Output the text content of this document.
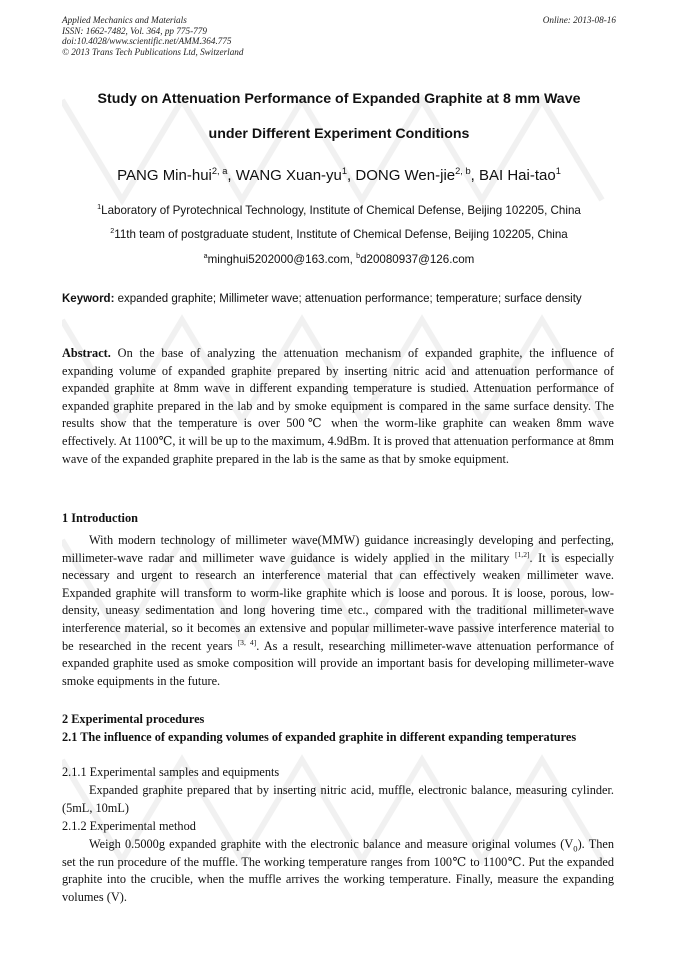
Applied Mechanics and Materials
ISSN: 1662-7482, Vol. 364, pp 775-779
doi:10.4028/www.scientific.net/AMM.364.775
© 2013 Trans Tech Publications Ltd, Switzerland
Online: 2013-08-16
Study on Attenuation Performance of Expanded Graphite at 8 mm Wave
under Different Experiment Conditions
PANG Min-hui$^{2, a}$, WANG Xuan-$yu^1$, DONG Wen-jie$^{2, b}$, BAI Hai-tao$^1$
$^1$Laboratory of Pyrotechnical Technology, Institute of Chemical Defense, Beijing 102205, China
$^2$11th team of postgraduate student, Institute of Chemical Defense, Beijing 102205, China
$^a$minghui5202000@163.com, $^b$d20080937@126.com
Keyword: expanded graphite; Millimeter wave; attenuation performance; temperature; surface density
Abstract. On the base of analyzing the attenuation mechanism of expanded graphite, the influence of expanding volume of expanded graphite prepared by inserting nitric acid and attenuation performance of expanded graphite at 8mm wave in different expanding temperature is studied. Attenuation performance of expanded graphite prepared in the lab and by smoke equipment is compared in the same surface density. The results show that the temperature is over 500℃ when the worm-like graphite can weaken 8mm wave effectively. At 1100℃, it will be up to the maximum, 4.9dBm. It is proved that attenuation performance at 8mm wave of the expanded graphite prepared in the lab is the same as that by smoke equipment.
1 Introduction
With modern technology of millimeter wave(MMW) guidance increasingly developing and perfecting, millimeter-wave radar and millimeter wave guidance is widely applied in the military [1,2]. It is especially necessary and urgent to research an interference material that can effectively weaken millimeter wave. Expanded graphite will transform to worm-like graphite which is loose and porous. It is loose, porous, low-density, uneasy sedimentation and long hovering time etc., compared with the traditional millimeter-wave interference material, so it becomes an extensive and popular millimeter-wave passive interference material to be researched in the recent years [3, 4]. As a result, researching millimeter-wave attenuation performance of expanded graphite used as smoke composition will provide an important basis for developing millimeter-wave smoke equipments in the future.
2 Experimental procedures
2.1 The influence of expanding volumes of expanded graphite in different expanding temperatures
2.1.1 Experimental samples and equipments
Expanded graphite prepared that by inserting nitric acid, muffle, electronic balance, measuring cylinder. (5mL, 10mL)
2.1.2 Experimental method
Weigh 0.5000g expanded graphite with the electronic balance and measure original volumes $(V_0)$. Then set the run procedure of the muffle. The working temperature ranges from 100℃ to 1100℃. Put the expanded graphite into the crucible, when the muffle arrives the working temperature. Finally, measure the expanding volumes (V).
